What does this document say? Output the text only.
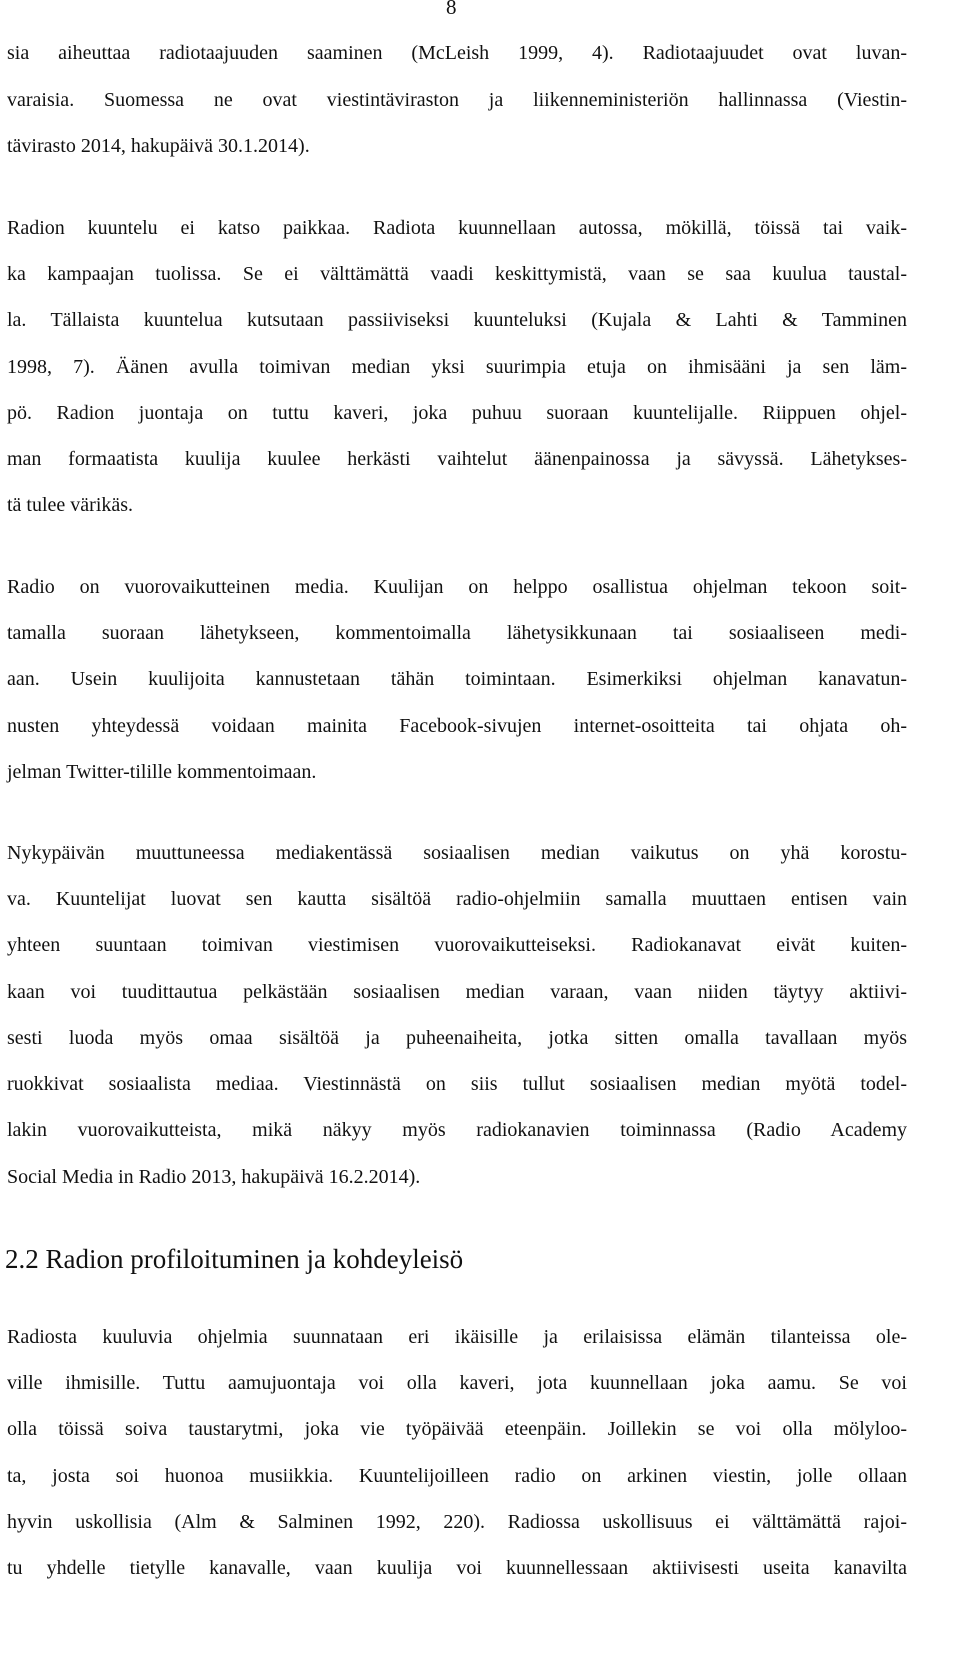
8
sia aiheuttaa radiotaajuuden saaminen (McLeish 1999, 4). Radiotaajuudet ovat luvan-
varaisia. Suomessa ne ovat viestintäviraston ja liikenneministeriön hallinnassa (Viestin-
tävirasto 2014, hakupäivä 30.1.2014).
Radion kuuntelu ei katso paikkaa. Radiota kuunnellaan autossa, mökillä, töissä tai vaik-
ka kampaajan tuolissa. Se ei välttämättä vaadi keskittymistä, vaan se saa kuulua taustal-
la. Tällaista kuuntelua kutsutaan passiiviseksi kuunteluksi (Kujala & Lahti & Tamminen
1998, 7). Äänen avulla toimivan median yksi suurimpia etuja on ihmisääni ja sen läm-
pö. Radion juontaja on tuttu kaveri, joka puhuu suoraan kuuntelijalle. Riippuen ohjel-
man formaatista kuulija kuulee herkästi vaihtelut äänenpainossa ja sävyssä. Lähetykses-
tä tulee värikäs.
Radio on vuorovaikutteinen media. Kuulijan on helppo osallistua ohjelman tekoon soit-
tamalla suoraan lähetykseen, kommentoimalla lähetysikkunaan tai sosiaaliseen medi-
aan. Usein kuulijoita kannustetaan tähän toimintaan. Esimerkiksi ohjelman kanavatun-
nusten yhteydessä voidaan mainita Facebook-sivujen internet-osoitteita tai ohjata oh-
jelman Twitter-tilille kommentoimaan.
Nykypäivän muuttuneessa mediakentässä sosiaalisen median vaikutus on yhä korostu-
va. Kuuntelijat luovat sen kautta sisältöä radio-ohjelmiin samalla muuttaen entisen vain
yhteen suuntaan toimivan viestimisen vuorovaikutteiseksi. Radiokanavat eivät kuiten-
kaan voi tuudittautua pelkästään sosiaalisen median varaan, vaan niiden täytyy aktiivi-
sesti luoda myös omaa sisältöä ja puheenaiheita, jotka sitten omalla tavallaan myös
ruokkivat sosiaalista mediaa. Viestinnästä on siis tullut sosiaalisen median myötä todel-
lakin vuorovaikutteista, mikä näkyy myös radiokanavien toiminnassa (Radio Academy
Social Media in Radio 2013, hakupäivä 16.2.2014).
2.2 Radion profiloituminen ja kohdeyleisö
Radiosta kuuluvia ohjelmia suunnataan eri ikäisille ja erilaisissa elämän tilanteissa ole-
ville ihmisille. Tuttu aamujuontaja voi olla kaveri, jota kuunnellaan joka aamu. Se voi
olla töissä soiva taustarytmi, joka vie työpäivää eteenpäin. Joillekin se voi olla mölyloo-
ta, josta soi huonoa musiikkia. Kuuntelijoilleen radio on arkinen viestin, jolle ollaan
hyvin uskollisia (Alm & Salminen 1992, 220). Radiossa uskollisuus ei välttämättä rajoi-
tu yhdelle tietylle kanavalle, vaan kuulija voi kuunnellessaan aktiivisesti useita kanavilta
